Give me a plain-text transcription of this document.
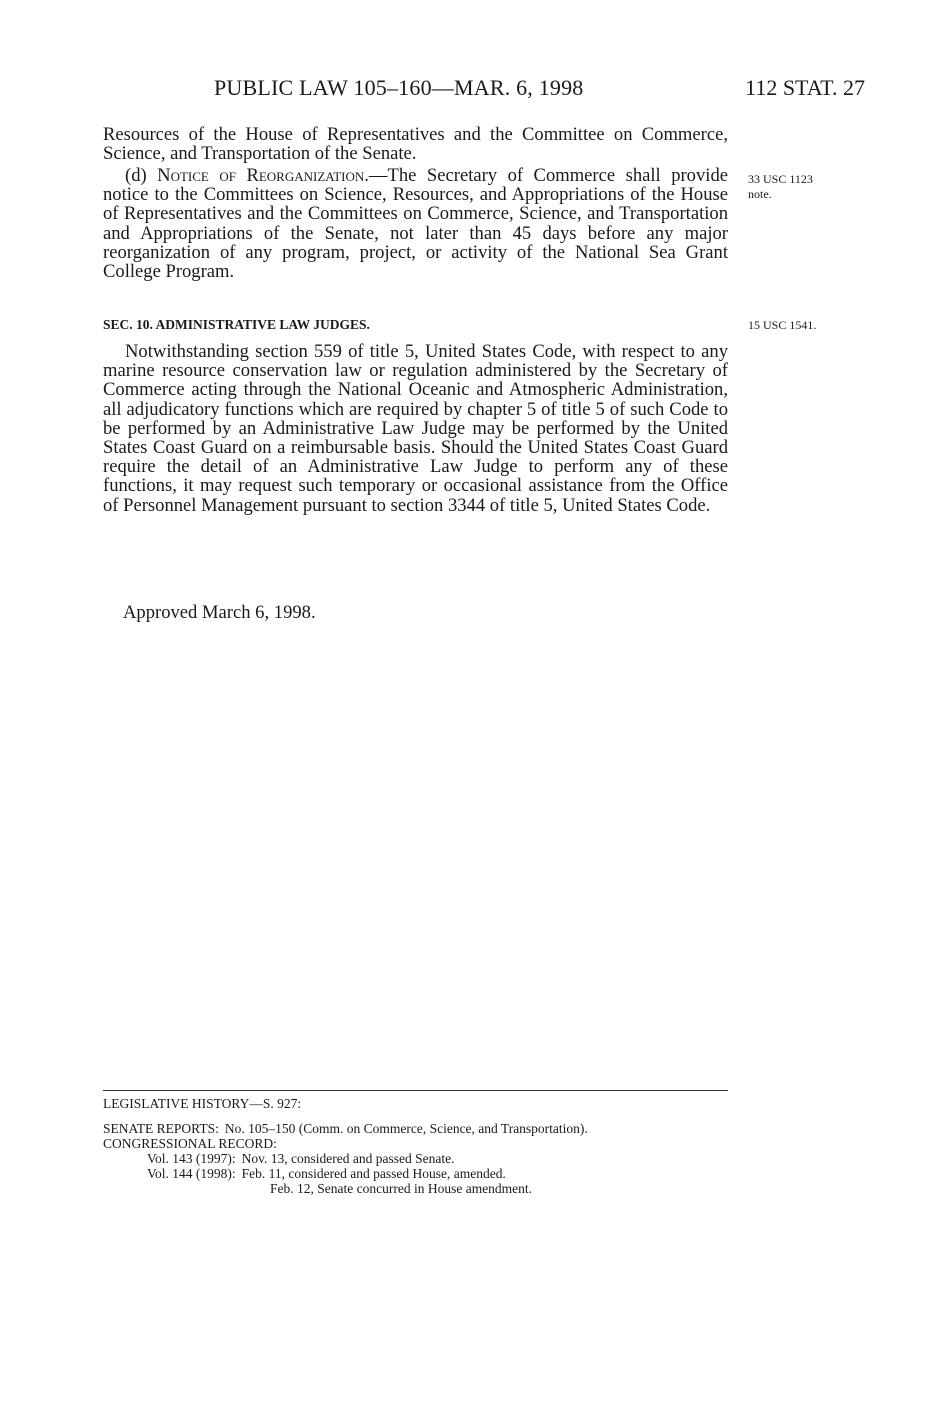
PUBLIC LAW 105–160—MAR. 6, 1998	112 STAT. 27

Resources of the House of Representatives and the Committee on Commerce, Science, and Transportation of the Senate.

(d) Notice of Reorganization.—The Secretary of Commerce shall provide notice to the Committees on Science, Resources, and Appropriations of the House of Representatives and the Committees on Commerce, Science, and Transportation and Appropriations of the Senate, not later than 45 days before any major reorganization of any program, project, or activity of the National Sea Grant College Program.

33 USC 1123
note.
SEC. 10. ADMINISTRATIVE LAW JUDGES.	15 USC 1541.

Notwithstanding section 559 of title 5, United States Code, with respect to any marine resource conservation law or regulation administered by the Secretary of Commerce acting through the National Oceanic and Atmospheric Administration, all adjudicatory functions which are required by chapter 5 of title 5 of such Code to be performed by an Administrative Law Judge may be performed by the United States Coast Guard on a reimbursable basis. Should the United States Coast Guard require the detail of an Administrative Law Judge to perform any of these functions, it may request such temporary or occasional assistance from the Office of Personnel Management pursuant to section 3344 of title 5, United States Code.

Approved March 6, 1998.
LEGISLATIVE HISTORY—S. 927:
SENATE REPORTS: No. 105–150 (Comm. on Commerce, Science, and Transportation).
CONGRESSIONAL RECORD:
Vol. 143 (1997): Nov. 13, considered and passed Senate.
Vol. 144 (1998): Feb. 11, considered and passed House, amended.
Feb. 12, Senate concurred in House amendment.
